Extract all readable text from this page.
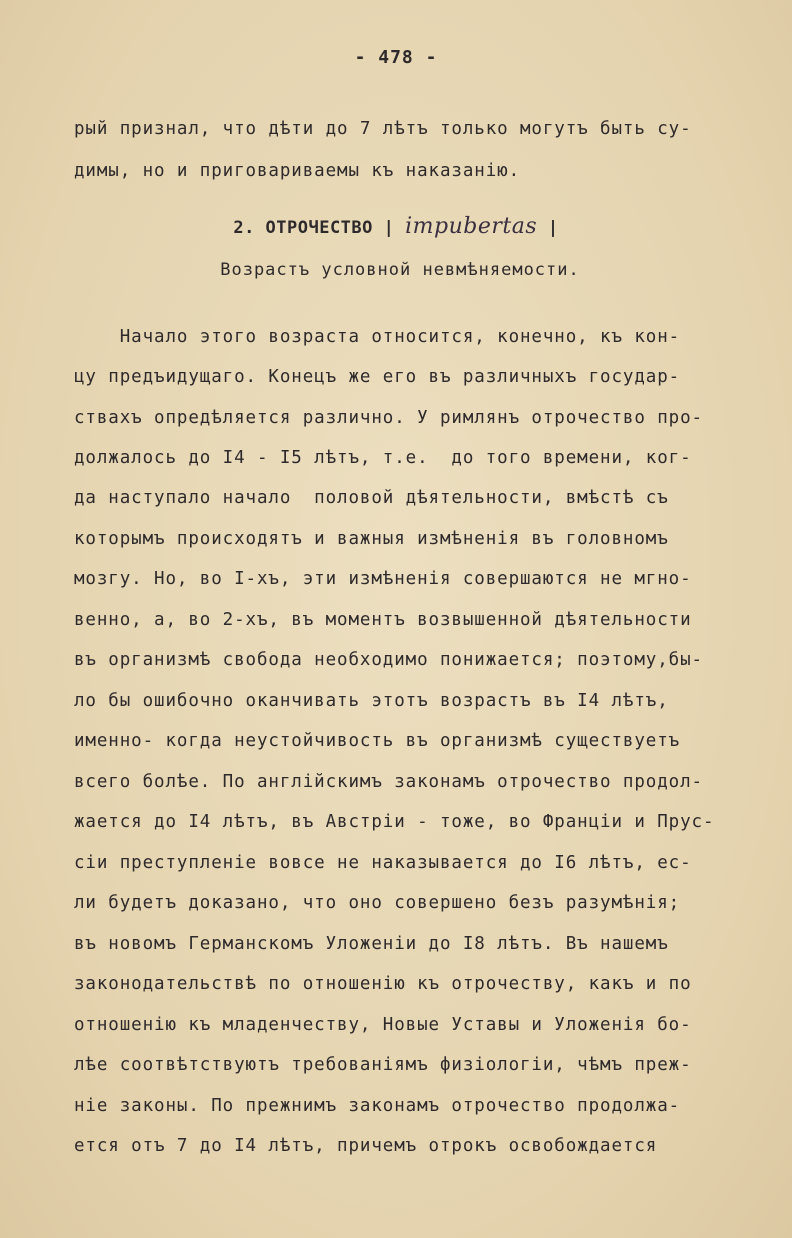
- 478 -
рый признал, что дѣти до 7 лѣтъ только могутъ быть су-
димы, но и приговариваемы къ наказанію.
2. ОТРОЧЕСТВО | impubertas |
Возрастъ условной невмѣняемости.
Начало этого возраста относится, конечно, къ кон-
цу предъидущаго. Конецъ же его въ различныхъ государ-
ствахъ опредѣляется различно. У римлянъ отрочество про-
должалось до I4 - I5 лѣтъ, т.е.  до того времени, ког-
да наступало начало  половой дѣятельности, вмѣстѣ съ
которымъ происходятъ и важныя измѣненія въ головномъ
мозгу. Но, во I-хъ, эти измѣненія совершаются не мгно-
венно, а, во 2-хъ, въ моментъ возвышенной дѣятельности
въ организмѣ свобода необходимо понижается; поэтому,бы-
ло бы ошибочно оканчивать этотъ возрастъ въ I4 лѣтъ,
именно- когда неустойчивость въ организмѣ существуетъ
всего болѣе. По англійскимъ законамъ отрочество продол-
жается до I4 лѣтъ, въ Австріи - тоже, во Франціи и Прус-
сіи преступленіе вовсе не наказывается до I6 лѣтъ, ес-
ли будетъ доказано, что оно совершено безъ разумѣнія;
въ новомъ Германскомъ Уложеніи до I8 лѣтъ. Въ нашемъ
законодательствѣ по отношенію къ отрочеству, какъ и по
отношенію къ младенчеству, Новые Уставы и Уложенія бо-
лѣе соотвѣтствуютъ требованіямъ физіологіи, чѣмъ преж-
ніе законы. По прежнимъ законамъ отрочество продолжа-
ется отъ 7 до I4 лѣтъ, причемъ отрокъ освобождается
